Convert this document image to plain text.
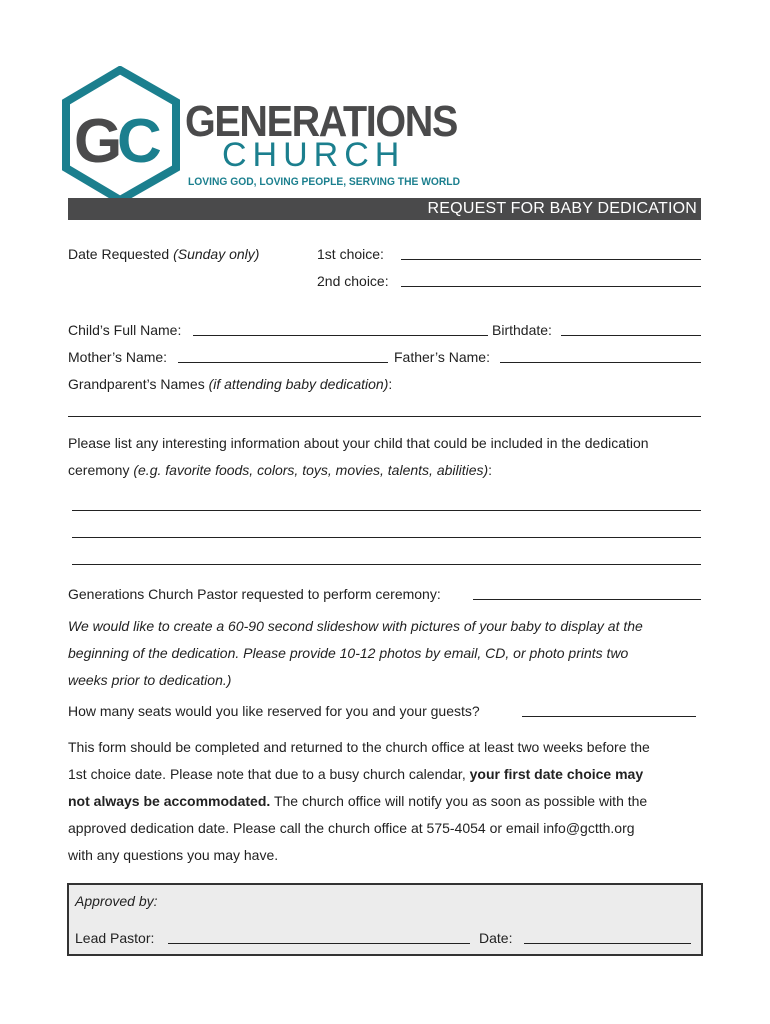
G C GENERATIONS
CHURCH
LOVING GOD, LOVING PEOPLE, SERVING THE WORLD
REQUEST FOR BABY DEDICATION
Date Requested (Sunday only)	1st choice:
2nd choice:
Child’s Full Name:	Birthdate:
Mother’s Name:	Father’s Name:
Grandparent’s Names (if attending baby dedication):
Please list any interesting information about your child that could be included in the dedication
ceremony (e.g. favorite foods, colors, toys, movies, talents, abilities):
Generations Church Pastor requested to perform ceremony:
We would like to create a 60-90 second slideshow with pictures of your baby to display at the
beginning of the dedication. Please provide 10-12 photos by email, CD, or photo prints two
weeks prior to dedication.)
How many seats would you like reserved for you and your guests?
This form should be completed and returned to the church office at least two weeks before the
1st choice date. Please note that due to a busy church calendar, your first date choice may
not always be accommodated. The church office will notify you as soon as possible with the
approved dedication date. Please call the church office at 575-4054 or email info@gctth.org
with any questions you may have.
Approved by:
Lead Pastor:	Date:
